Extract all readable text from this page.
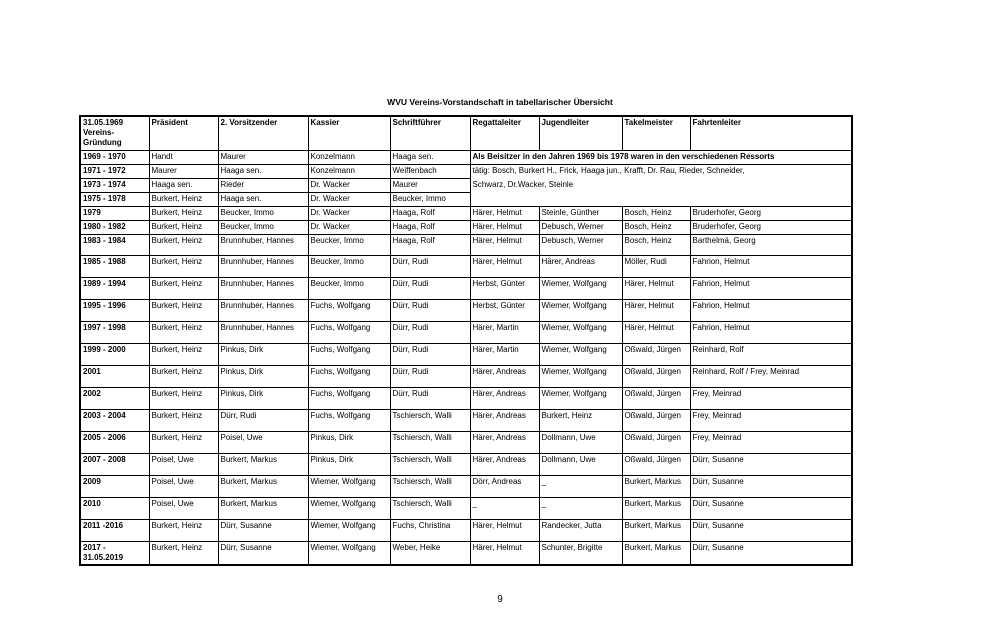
WVU Vereins-Vorstandschaft in tabellarischer Übersicht
31.05.1969 Vereins-Gründung	Präsident	2. Vorsitzender	Kassier	Schriftführer	Regattaleiter	Jugendleiter	Takelmeister	Fahrtenleiter
1969 - 1970	Handt	Maurer	Konzelmann	Haaga sen.	Als Beisitzer in den Jahren 1969 bis 1978 waren in den verschiedenen Ressorts			
1971 - 1972	Maurer	Haaga sen.	Konzelmann	Weiffenbach	tätig: Bosch, Burkert H., Frick, Haaga jun., Krafft, Dr. Rau, Rieder, Schneider,			
1973 - 1974	Haaga sen.	Rieder	Dr. Wacker	Maurer	Schwarz, Dr.Wacker, Steinle			
1975 - 1978	Burkert, Heinz	Haaga sen.	Dr. Wacker	Beucker, Immo				
1979	Burkert, Heinz	Beucker, Immo	Dr. Wacker	Haaga, Rolf	Härer, Helmut	Steinle, Günther	Bosch, Heinz	Bruderhofer, Georg
1980 - 1982	Burkert, Heinz	Beucker, Immo	Dr. Wacker	Haaga, Rolf	Härer, Helmut	Debusch, Werner	Bosch, Heinz	Bruderhofer, Georg
1983 - 1984	Burkert, Heinz	Brunnhuber, Hannes	Beucker, Immo	Haaga, Rolf	Härer, Helmut	Debusch, Werner	Bosch, Heinz	Barthelmä, Georg
1985 - 1988	Burkert, Heinz	Brunnhuber, Hannes	Beucker, Immo	Dürr, Rudi	Härer, Helmut	Härer, Andreas	Möller, Rudi	Fahrion, Helmut
1989 - 1994	Burkert, Heinz	Brunnhuber, Hannes	Beucker, Immo	Dürr, Rudi	Herbst, Günter	Wiemer, Wolfgang	Härer, Helmut	Fahrion, Helmut
1995 - 1996	Burkert, Heinz	Brunnhuber, Hannes	Fuchs, Wolfgang	Dürr, Rudi	Herbst, Günter	Wiemer, Wolfgang	Härer, Helmut	Fahrion, Helmut
1997 - 1998	Burkert, Heinz	Brunnhuber, Hannes	Fuchs, Wolfgang	Dürr, Rudi	Härer, Martin	Wiemer, Wolfgang	Härer, Helmut	Fahrion, Helmut
1999 - 2000	Burkert, Heinz	Pinkus, Dirk	Fuchs, Wolfgang	Dürr, Rudi	Härer, Martin	Wiemer, Wolfgang	Oßwald, Jürgen	Reinhard, Rolf
2001	Burkert, Heinz	Pinkus, Dirk	Fuchs, Wolfgang	Dürr, Rudi	Härer, Andreas	Wiemer, Wolfgang	Oßwald, Jürgen	Reinhard, Rolf / Frey, Meinrad
2002	Burkert, Heinz	Pinkus, Dirk	Fuchs, Wolfgang	Dürr, Rudi	Härer, Andreas	Wiemer, Wolfgang	Oßwald, Jürgen	Frey, Meinrad
2003 - 2004	Burkert, Heinz	Dürr, Rudi	Fuchs, Wolfgang	Tschiersch, Walli	Härer, Andreas	Burkert, Heinz	Oßwald, Jürgen	Frey, Meinrad
2005 - 2006	Burkert, Heinz	Poisel, Uwe	Pinkus, Dirk	Tschiersch, Walli	Härer, Andreas	Dollmann, Uwe	Oßwald, Jürgen	Frey, Meinrad
2007 - 2008	Poisel, Uwe	Burkert, Markus	Pinkus, Dirk	Tschiersch, Walli	Härer, Andreas	Dollmann, Uwe	Oßwald, Jürgen	Dürr, Susanne
2009	Poisel, Uwe	Burkert, Markus	Wiemer, Wolfgang	Tschiersch, Walli	Dörr, Andreas	_	Burkert, Markus	Dürr, Susanne
2010	Poisel, Uwe	Burkert, Markus	Wiemer, Wolfgang	Tschiersch, Walli	_	_	Burkert, Markus	Dürr, Susanne
2011 -2016	Burkert, Heinz	Dürr, Susanne	Wiemer, Wolfgang	Fuchs, Christina	Härer, Helmut	Randecker, Jutta	Burkert, Markus	Dürr, Susanne
2017 - 31.05.2019	Burkert, Heinz	Dürr, Susanne	Wiemer, Wolfgang	Weber, Heike	Härer, Helmut	Schunter, Brigitte	Burkert, Markus	Dürr, Susanne
9
